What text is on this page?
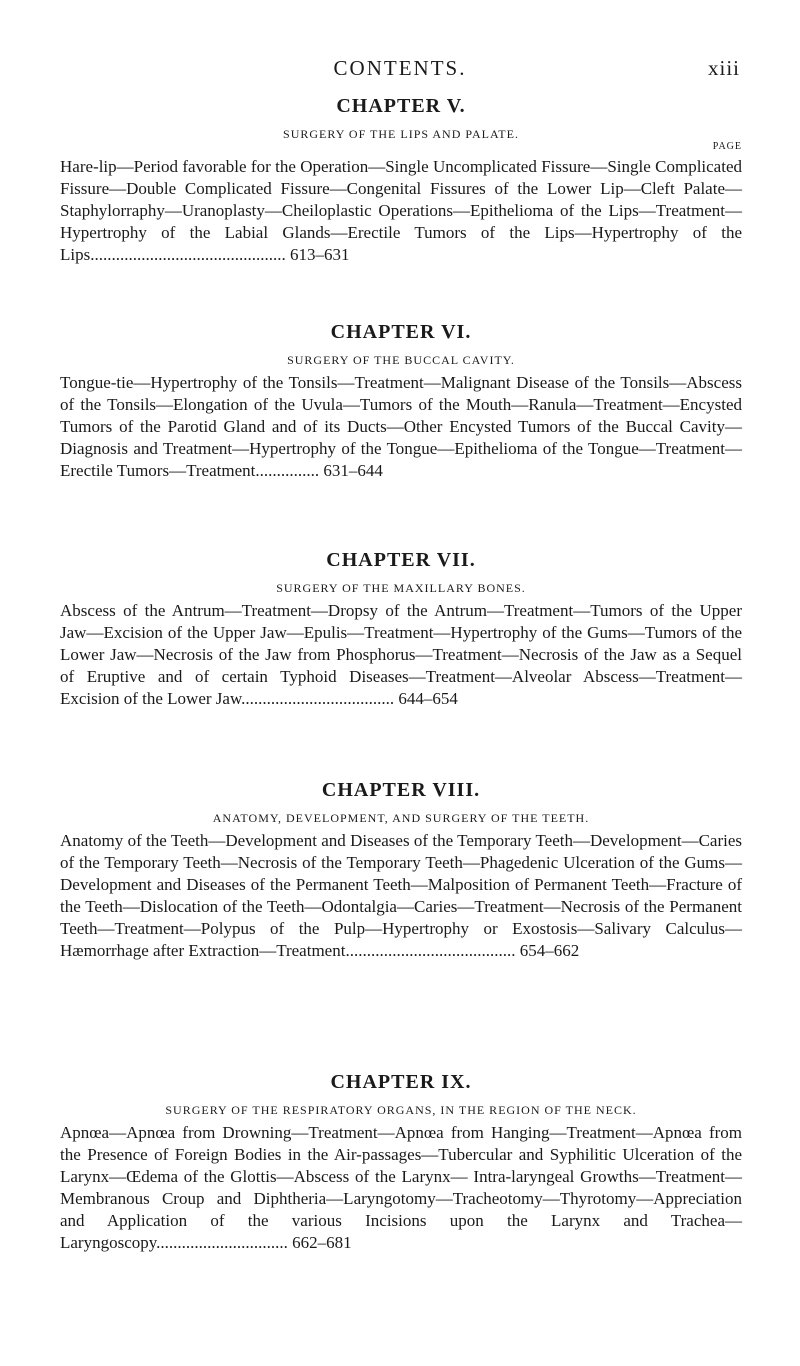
CONTENTS.	xiii
CHAPTER V.

SURGERY OF THE LIPS AND PALATE.

PAGE

Hare-lip—Period favorable for the Operation—Single Uncomplicated Fissure—Single Complicated Fissure—Double Complicated Fissure—Congenital Fissures of the Lower Lip—Cleft Palate—Staphylorraphy—Uranoplasty—Cheiloplastic Operations—Epithelioma of the Lips—Treatment—Hypertrophy of the Labial Glands—Erectile Tumors of the Lips—Hypertrophy of the Lips.............................................. 613–631

CHAPTER VI.

SURGERY OF THE BUCCAL CAVITY.

Tongue-tie—Hypertrophy of the Tonsils—Treatment—Malignant Disease of the Tonsils—Abscess of the Tonsils—Elongation of the Uvula—Tumors of the Mouth—Ranula—Treatment—Encysted Tumors of the Parotid Gland and of its Ducts—Other Encysted Tumors of the Buccal Cavity—Diagnosis and Treatment—Hypertrophy of the Tongue—Epithelioma of the Tongue—Treatment—Erectile Tumors—Treatment............... 631–644

CHAPTER VII.

SURGERY OF THE MAXILLARY BONES.

Abscess of the Antrum—Treatment—Dropsy of the Antrum—Treatment—Tumors of the Upper Jaw—Excision of the Upper Jaw—Epulis—Treatment—Hypertrophy of the Gums—Tumors of the Lower Jaw—Necrosis of the Jaw from Phosphorus—Treatment—Necrosis of the Jaw as a Sequel of Eruptive and of certain Typhoid Diseases—Treatment—Alveolar Abscess—Treatment—Excision of the Lower Jaw.................................... 644–654

CHAPTER VIII.

ANATOMY, DEVELOPMENT, AND SURGERY OF THE TEETH.

Anatomy of the Teeth—Development and Diseases of the Temporary Teeth—Development—Caries of the Temporary Teeth—Necrosis of the Temporary Teeth—Phagedenic Ulceration of the Gums—Development and Diseases of the Permanent Teeth—Malposition of Permanent Teeth—Fracture of the Teeth—Dislocation of the Teeth—Odontalgia—Caries—Treatment—Necrosis of the Permanent Teeth—Treatment—Polypus of the Pulp—Hypertrophy or Exostosis—Salivary Calculus—Hæmorrhage after Extraction—Treatment........................................ 654–662

CHAPTER IX.

SURGERY OF THE RESPIRATORY ORGANS, IN THE REGION OF THE NECK.

Apnœa—Apnœa from Drowning—Treatment—Apnœa from Hanging—Treatment—Apnœa from the Presence of Foreign Bodies in the Air-passages—Tubercular and Syphilitic Ulceration of the Larynx—Œdema of the Glottis—Abscess of the Larynx— Intra-laryngeal Growths—Treatment—Membranous Croup and Diphtheria—Laryngotomy—Tracheotomy—Thyrotomy—Appreciation and Application of the various Incisions upon the Larynx and Trachea—Laryngoscopy............................... 662–681
